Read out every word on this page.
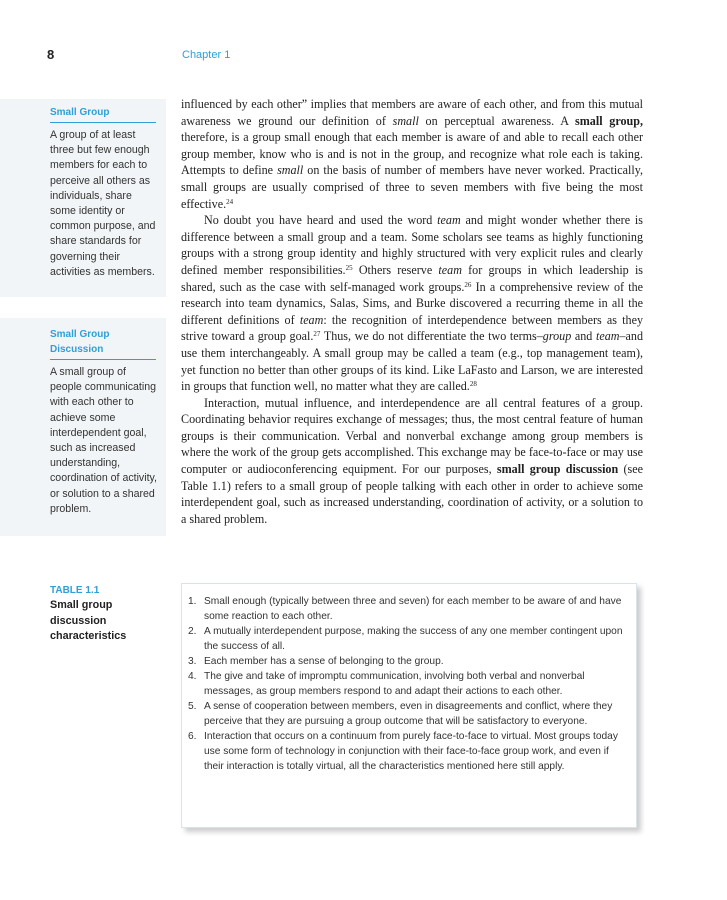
8	Chapter 1
Small Group
A group of at least three but few enough members for each to perceive all others as individuals, share some identity or common purpose, and share standards for governing their activities as members.
Small Group Discussion
A small group of people communicating with each other to achieve some interdependent goal, such as increased understanding, coordination of activity, or solution to a shared problem.

influenced by each other” implies that members are aware of each other, and from this mutual awareness we ground our definition of small on perceptual awareness. A small group, therefore, is a group small enough that each member is aware of and able to recall each other group member, know who is and is not in the group, and recognize what role each is taking. Attempts to define small on the basis of number of members have never worked. Practically, small groups are usually comprised of three to seven members with five being the most effective.$^{24}$

No doubt you have heard and used the word team and might wonder whether there is difference between a small group and a team. Some scholars see teams as highly functioning groups with a strong group identity and highly structured with very explicit rules and clearly defined member responsibilities.$^{25}$ Others reserve team for groups in which leadership is shared, such as the case with self-managed work groups.$^{26}$ In a comprehensive review of the research into team dynamics, Salas, Sims, and Burke discovered a recurring theme in all the different definitions of team: the recognition of interdependence between members as they strive toward a group goal.$^{27}$ Thus, we do not differentiate the two terms–group and team–and use them interchangeably. A small group may be called a team (e.g., top management team), yet function no better than other groups of its kind. Like LaFasto and Larson, we are interested in groups that function well, no matter what they are called.$^{28}$

Interaction, mutual influence, and interdependence are all central features of a group. Coordinating behavior requires exchange of messages; thus, the most central feature of human groups is their communication. Verbal and nonverbal exchange among group members is where the work of the group gets accomplished. This exchange may be face-to-face or may use computer or audioconferencing equipment. For our purposes, small group discussion (see Table 1.1) refers to a small group of people talking with each other in order to achieve some interdependent goal, such as increased understanding, coordination of activity, or a solution to a shared problem.

TABLE 1.1
Small group discussion characteristics
1. Small enough (typically between three and seven) for each member to be aware of and have some reaction to each other.
2. A mutually interdependent purpose, making the success of any one member contingent upon the success of all.
3. Each member has a sense of belonging to the group.
4. The give and take of impromptu communication, involving both verbal and nonverbal messages, as group members respond to and adapt their actions to each other.
5. A sense of cooperation between members, even in disagreements and conflict, where they perceive that they are pursuing a group outcome that will be satisfactory to everyone.
6. Interaction that occurs on a continuum from purely face-to-face to virtual. Most groups today use some form of technology in conjunction with their face-to-face group work, and even if their interaction is totally virtual, all the characteristics mentioned here still apply.
